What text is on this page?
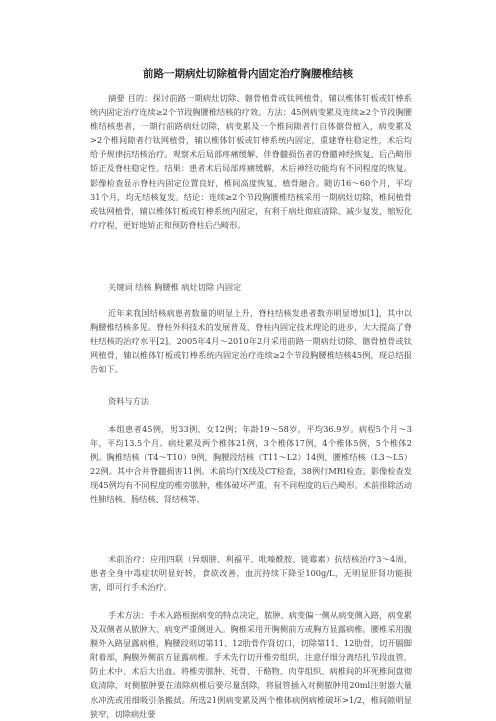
前路一期病灶切除植骨内固定治疗胸腰椎结核

摘要 目的：探讨前路一期病灶切除、髂骨植骨或钛网植骨，辅以椎体钉板或钉棒系统内固定治疗连续≥2个节段胸腰椎结核的疗效。方法：45例病变累及连续≥2个节段胸腰椎结核患者，一期行前路病灶切除，病变累及一个椎间隙者行自体髂骨植入，病变累及>2个椎间隙者行钛网植骨，辅以椎体钉板或钉棒系统内固定，重建脊柱稳定性，术后均给予规律抗结核治疗。观察术后局部疼痛缓解、伴脊髓损伤者的脊髓神经恢复、后凸畸形矫正及脊柱稳定性。结果：患者术后局部疼痛缓解，术后神经功能均有不同程度的恢复。影像检查显示脊柱内固定位置良好，椎间高度恢复、植骨融合。随访16～60个月，平均31个月，均无结核复发。结论：连续≥2个节段胸腰椎结核采用一期病灶切除，椎间植骨或钛网植骨，辅以椎体钉板或钉棒系统内固定，有利于病灶彻底清除、减少复发，缩短化疗疗程，更好地矫正和预防脊柱后凸畸形。

关键词 结核 胸腰椎 病灶切除 内固定

近年来我国结核病患者数量的明显上升，脊柱结核发患者数亦明显增加[1]，其中以胸腰椎结核多见。脊柱外科技术的发展普及、脊柱内固定技术理论的进步，大大提高了脊柱结核的治疗水平[2]。2005年4月～2010年2月采用前路一期病灶切除、髂骨植骨或钛网植骨，辅以椎体钉板或钉棒系统内固定治疗连续≥2个节段胸腰椎结核45例，现总结报告如下。

资料与方法

本组患者45例，男33例，女12例；年龄19～58岁，平均36.9岁。病程5个月～3年，平均13.5个月。病灶累及两个椎体21例，3个椎体17例，4个椎体5例，5个椎体2例。胸椎结核（T4～T10）9例，胸腰段结核（T11～L2）14例，腰椎结核（L3～L5）22例。其中合并脊髓损害11例。术前均行X线及CT检查，38例行MRI检查。影像检查发现45例均有不同程度的椎旁脓肿，椎体破坏严重，有不同程度的后凸畸形。术前排除活动性肺结核、肠结核、肾结核等。

术前治疗：应用四联（异烟肼、利福平、吡嗪酰胺、链霉素）抗结核治疗3～4周，患者全身中毒症状明显好转，食欲改善，血沉持续下降至100g/L，无明显肝肾功能损害，即可行手术治疗。

手术方法：手术入路根据病变的特点决定，脓肿、病变偏一侧从病变侧入路，病变累及双侧者从脓肿大、病变严重侧进入。胸椎采用开胸侧前方或胸方显露病椎，腰椎采用腹膜外入路显露病椎，胸腰段则切第11、12肋骨作肾切口，切除第11、12肋骨，切开膈脚附着部，胸膜外侧前方显露病椎。手术先行切开椎旁组织，注意仔细分离结扎节段血管，防止术中、术后大出血。将椎旁脓肿、死骨、干酪物、肉芽组织、病椎间的坏死椎间盘彻底清除，对侧脓肿要在清除病椎后要尽量刮除，将鼠管插入对侧脓肿用20ml注射器大量水冲洗或用细吸引条搬拭。所选21例病变累及两个椎体病例病椎破坏>1/2，椎间隙明显狭窄，切除病灶要
